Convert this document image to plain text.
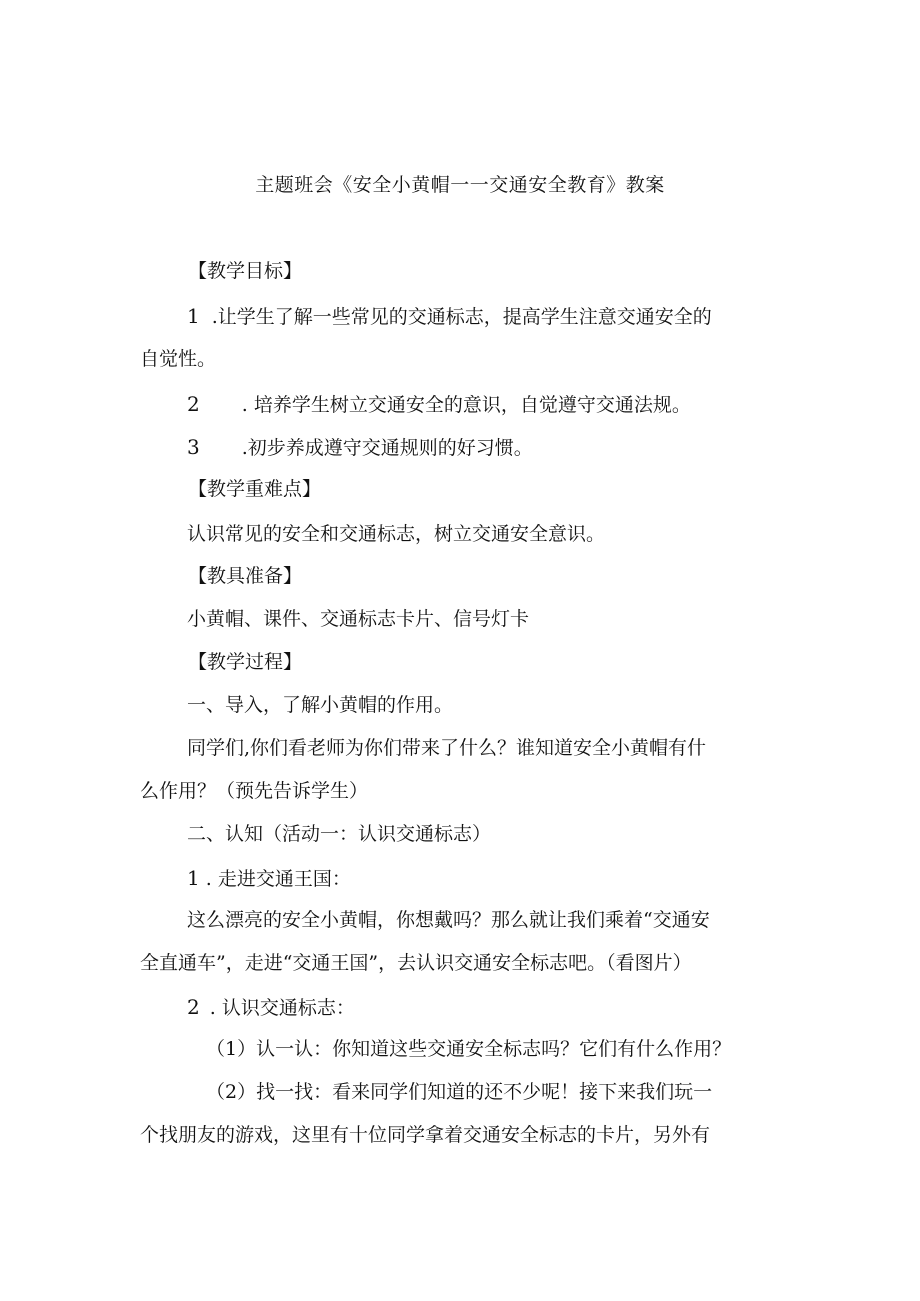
主题班会《安全小黄帽一一交通安全教育》教案
【教学目标】
1 .让学生了解一些常见的交通标志，提高学生注意交通安全的
自觉性。
2 . 培养学生树立交通安全的意识，自觉遵守交通法规。
3 .初步养成遵守交通规则的好习惯。
【教学重难点】
认识常见的安全和交通标志，树立交通安全意识。
【教具准备】
小黄帽、课件、交通标志卡片、信号灯卡
【教学过程】
一、导入，了解小黄帽的作用。
同学们,你们看老师为你们带来了什么？谁知道安全小黄帽有什
么作用？（预先告诉学生）
二、认知（活动一：认识交通标志）
1 . 走进交通王国：
这么漂亮的安全小黄帽，你想戴吗？那么就让我们乘着“交通安
全直通车”，走进“交通王国”，去认识交通安全标志吧。（看图片）
2 . 认识交通标志：
（1）认一认：你知道这些交通安全标志吗？它们有什么作用？
（2）找一找：看来同学们知道的还不少呢！接下来我们玩一
个找朋友的游戏，这里有十位同学拿着交通安全标志的卡片，另外有
